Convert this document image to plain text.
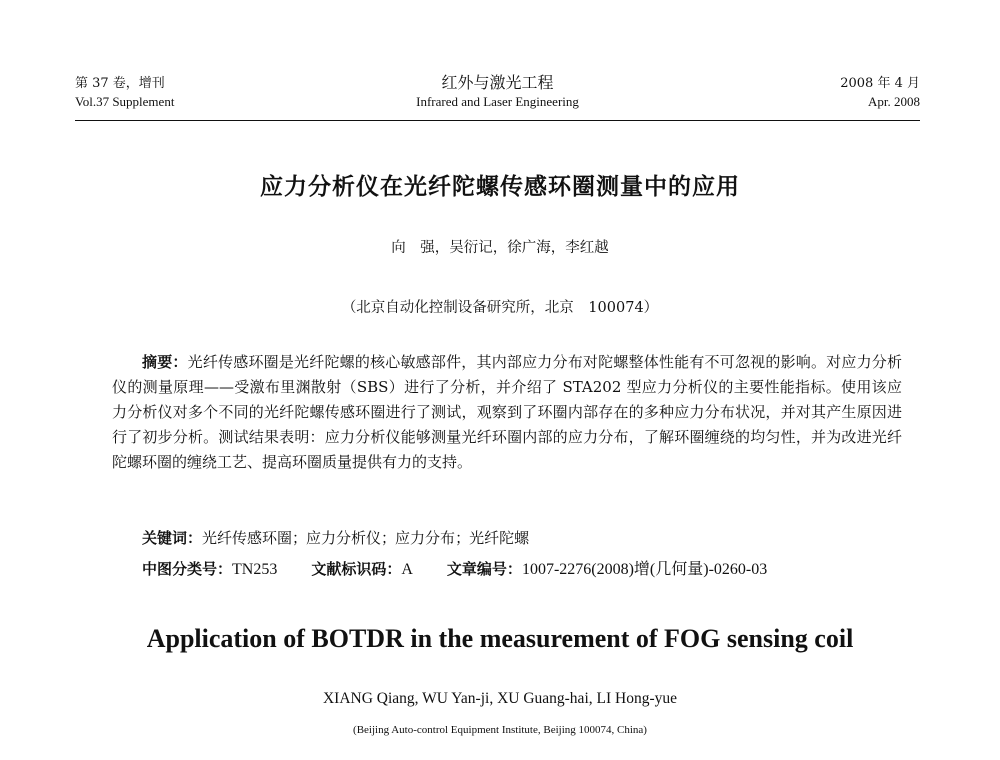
第 37 卷，增刊
Vol.37 Supplement
红外与激光工程
Infrared and Laser Engineering
2008 年 4 月
Apr. 2008
应力分析仪在光纤陀螺传感环圈测量中的应用
向　强，吴衍记，徐广海，李红越
（北京自动化控制设备研究所，北京　100074）

摘要：光纤传感环圈是光纤陀螺的核心敏感部件，其内部应力分布对陀螺整体性能有不可忽视的影响。对应力分析仪的测量原理——受激布里渊散射（SBS）进行了分析，并介绍了 STA202 型应力分析仪的主要性能指标。使用该应力分析仪对多个不同的光纤陀螺传感环圈进行了测试，观察到了环圈内部存在的多种应力分布状况，并对其产生原因进行了初步分析。测试结果表明：应力分析仪能够测量光纤环圈内部的应力分布，了解环圈缠绕的均匀性，并为改进光纤陀螺环圈的缠绕工艺、提高环圈质量提供有力的支持。

关键词：光纤传感环圈；应力分析仪；应力分布；光纤陀螺
中图分类号：TN253 文献标识码：A 文章编号：1007-2276(2008)增(几何量)-0260-03
Application of BOTDR in the measurement of FOG sensing coil
XIANG Qiang, WU Yan-ji, XU Guang-hai, LI Hong-yue
(Beijing Auto-control Equipment Institute, Beijing 100074, China)
